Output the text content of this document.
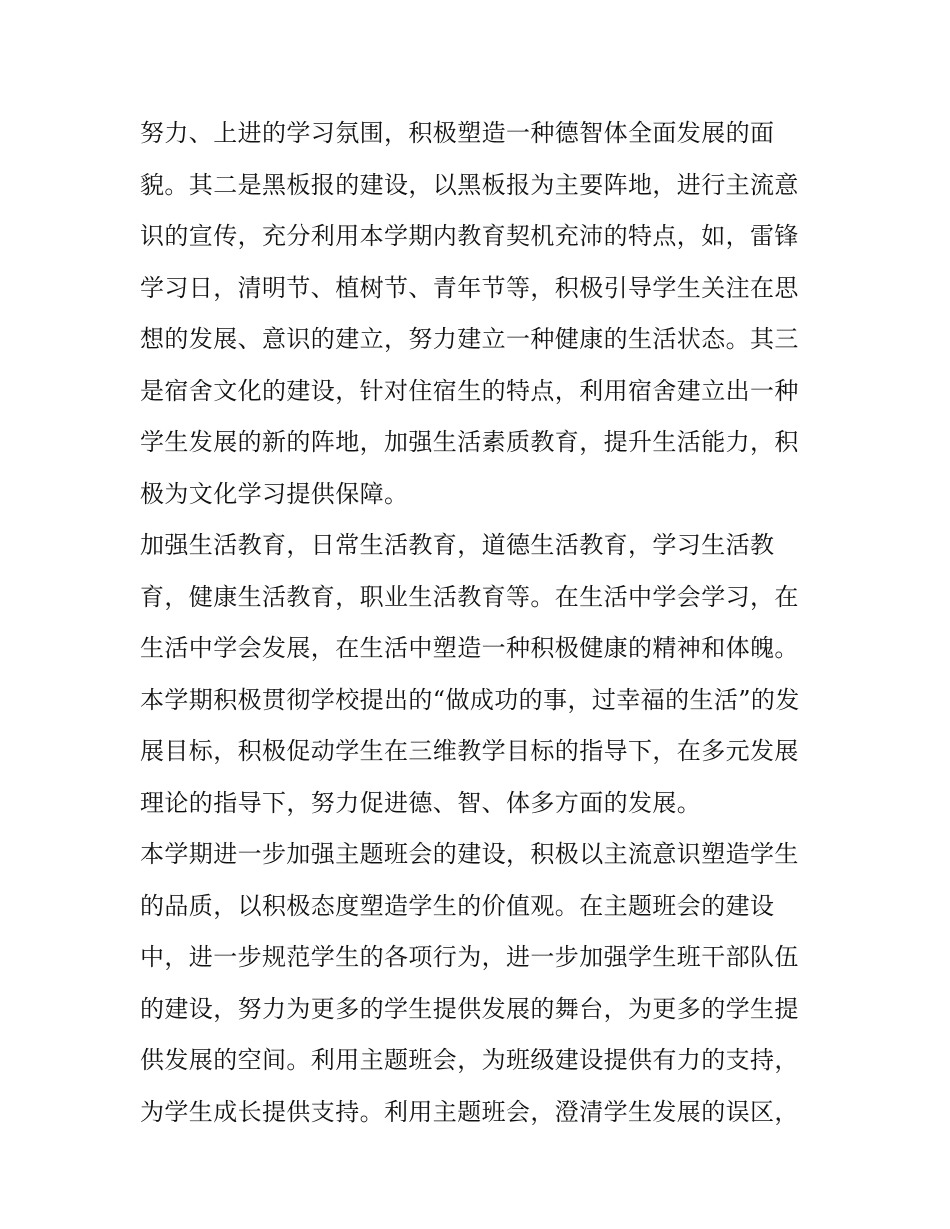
努力、上进的学习氛围，积极塑造一种德智体全面发展的面
貌。其二是黑板报的建设，以黑板报为主要阵地，进行主流意
识的宣传，充分利用本学期内教育契机充沛的特点，如，雷锋
学习日，清明节、植树节、青年节等，积极引导学生关注在思
想的发展、意识的建立，努力建立一种健康的生活状态。其三
是宿舍文化的建设，针对住宿生的特点，利用宿舍建立出一种
学生发展的新的阵地，加强生活素质教育，提升生活能力，积
极为文化学习提供保障。
加强生活教育，日常生活教育，道德生活教育，学习生活教
育，健康生活教育，职业生活教育等。在生活中学会学习，在
生活中学会发展，在生活中塑造一种积极健康的精神和体魄。
本学期积极贯彻学校提出的“做成功的事，过幸福的生活”的发
展目标，积极促动学生在三维教学目标的指导下，在多元发展
理论的指导下，努力促进德、智、体多方面的发展。
本学期进一步加强主题班会的建设，积极以主流意识塑造学生
的品质，以积极态度塑造学生的价值观。在主题班会的建设
中，进一步规范学生的各项行为，进一步加强学生班干部队伍
的建设，努力为更多的学生提供发展的舞台，为更多的学生提
供发展的空间。利用主题班会，为班级建设提供有力的支持，
为学生成长提供支持。利用主题班会，澄清学生发展的误区，
